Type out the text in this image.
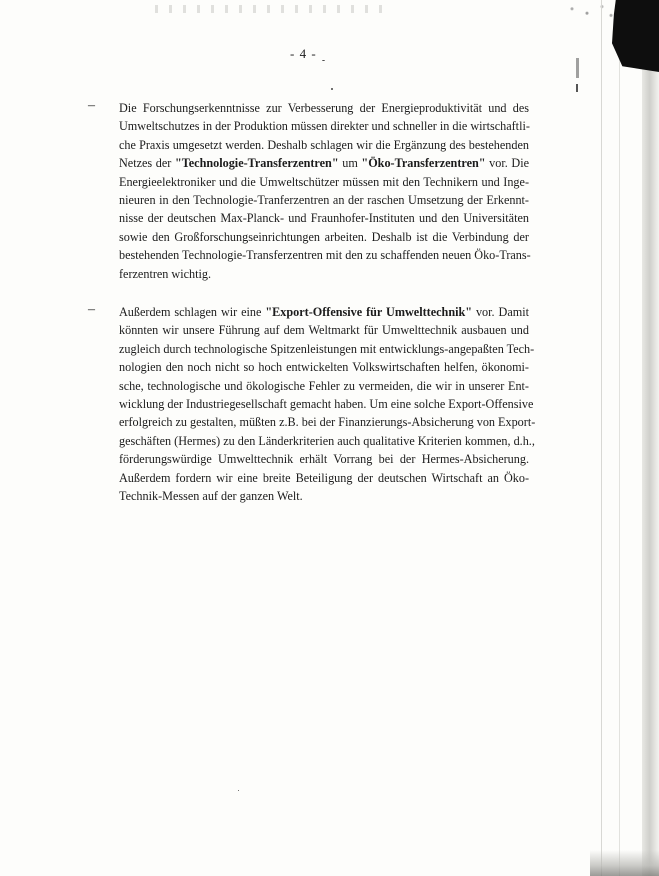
- 4 -
– Die Forschungserkenntnisse zur Verbesserung der Energieproduktivität und des
Umweltschutzes in der Produktion müssen direkter und schneller in die wirtschaftli-
che Praxis umgesetzt werden. Deshalb schlagen wir die Ergänzung des bestehenden
Netzes der "Technologie-Transferzentren" um "Öko-Transferzentren" vor. Die
Energieelektroniker und die Umweltschützer müssen mit den Technikern und Inge-
nieuren in den Technologie-Tranferzentren an der raschen Umsetzung der Erkennt-
nisse der deutschen Max-Planck- und Fraunhofer-Instituten und den Universitäten
sowie den Großforschungseinrichtungen arbeiten. Deshalb ist die Verbindung der
bestehenden Technologie-Transferzentren mit den zu schaffenden neuen Öko-Trans-
ferzentren wichtig.
– Außerdem schlagen wir eine "Export-Offensive für Umwelttechnik" vor. Damit
könnten wir unsere Führung auf dem Weltmarkt für Umwelttechnik ausbauen und
zugleich durch technologische Spitzenleistungen mit entwicklungs-angepaßten Tech-
nologien den noch nicht so hoch entwickelten Volkswirtschaften helfen, ökonomi-
sche, technologische und ökologische Fehler zu vermeiden, die wir in unserer Ent-
wicklung der Industriegesellschaft gemacht haben. Um eine solche Export-Offensive
erfolgreich zu gestalten, müßten z.B. bei der Finanzierungs-Absicherung von Export-
geschäften (Hermes) zu den Länderkriterien auch qualitative Kriterien kommen, d.h.,
förderungswürdige Umwelttechnik erhält Vorrang bei der Hermes-Absicherung.
Außerdem fordern wir eine breite Beteiligung der deutschen Wirtschaft an Öko-
Technik-Messen auf der ganzen Welt.
